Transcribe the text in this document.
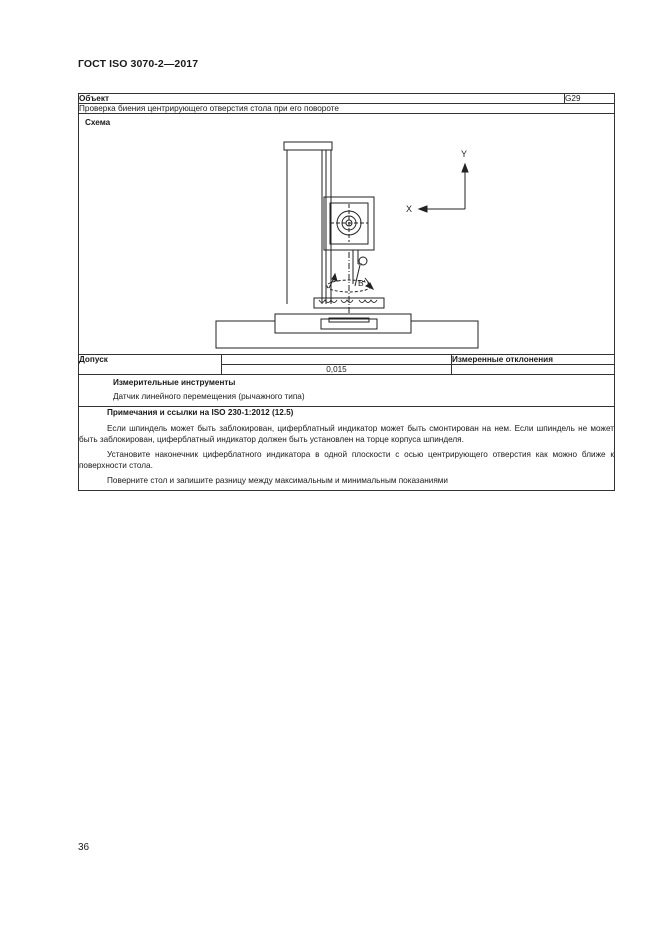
ГОСТ ISO 3070-2—2017
Объект			G29
Проверка биения центрирующего отверстия стола при его повороте			

Схема
Y
X
B'			

Допуск		Измеренные отклонения	
	0,015		

Измерительные инструменты
Датчик линейного перемещения (рычажного типа)			

Примечания и ссылки на ISO 230-1:2012 (12.5)

Если шпиндель может быть заблокирован, циферблатный индикатор может быть смонтирован на нем. Если шпиндель не может быть заблокирован, циферблатный индикатор должен быть установлен на торце корпуса шпинделя.

Установите наконечник циферблатного индикатора в одной плоскости с осью центрирующего отверстия как можно ближе к поверхности стола.

Поверните стол и запишите разницу между максимальным и минимальным показаниями			

36
